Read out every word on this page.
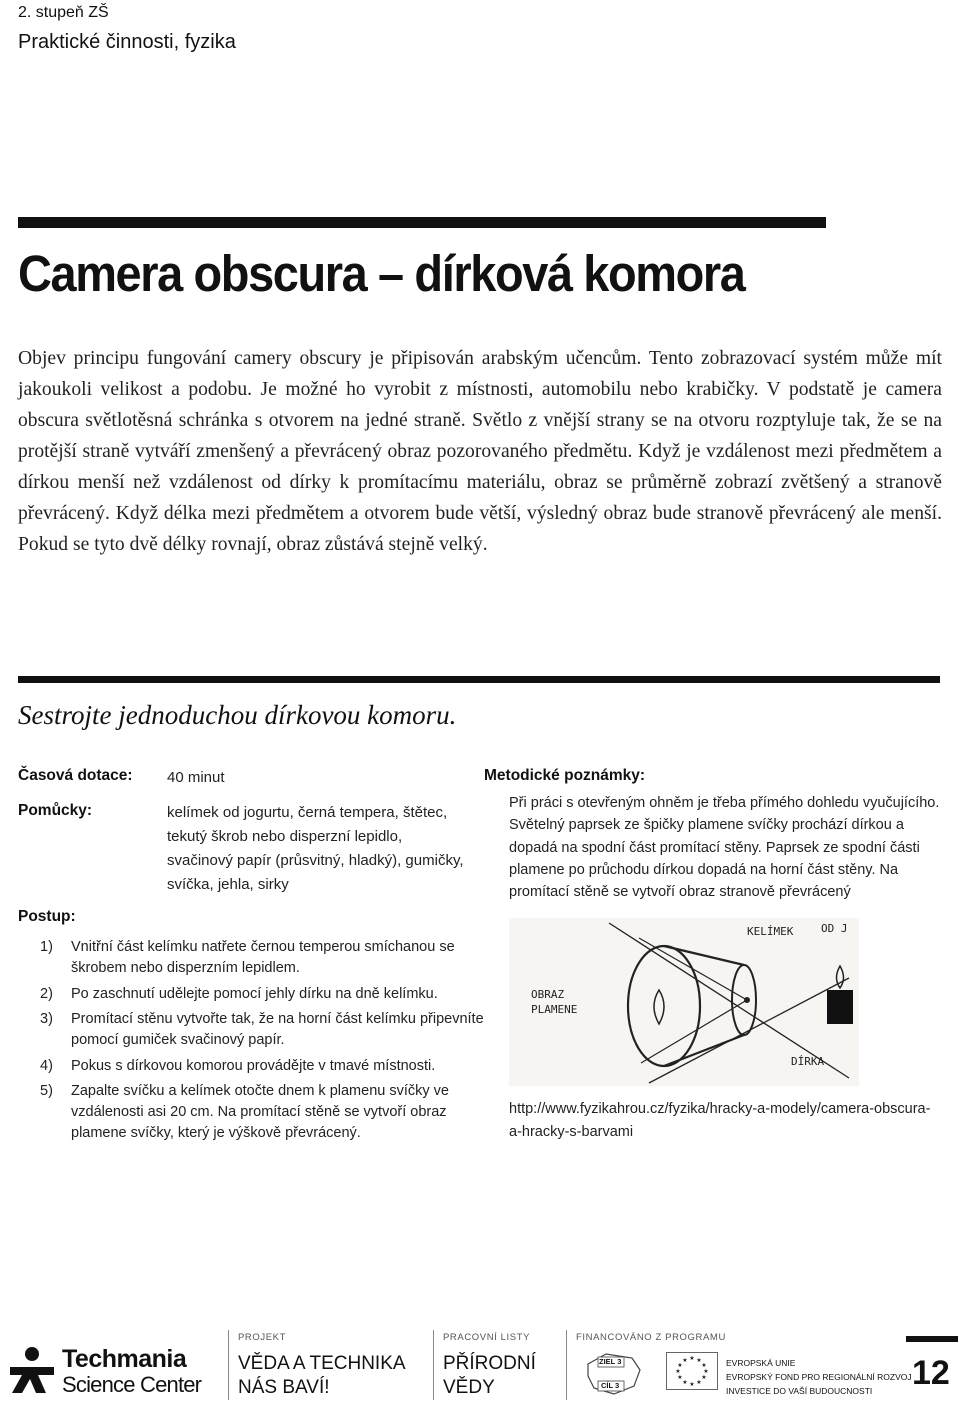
2. stupeň ZŠ
Praktické činnosti, fyzika
Camera obscura – dírková komora
Objev principu fungování camery obscury je připisován arabským učencům. Tento zobrazovací systém může mít jakoukoli velikost a podobu. Je možné ho vyrobit z místnosti, automobilu nebo krabičky. V podstatě je camera obscura světlotěsná schránka s otvorem na jedné straně. Světlo z vnější strany se na otvoru rozptyluje tak, že se na protější straně vytváří zmenšený a převrácený obraz pozorovaného předmětu. Když je vzdálenost mezi předmětem a dírkou menší než vzdálenost od dírky k promítacímu materiálu, obraz se průměrně zobrazí zvětšený a stranově převrácený. Když délka mezi předmětem a otvorem bude větší, výsledný obraz bude stranově převrácený ale menší. Pokud se tyto dvě délky rovnají, obraz zůstává stejně velký.
Sestrojte jednoduchou dírkovou komoru.
Časová dotace: 40 minut
Pomůcky:	kelímek od jogurtu, černá tempera, štětec, tekutý škrob nebo disperzní lepidlo, svačinový papír (průsvitný, hladký), gumičky, svíčka, jehla, sirky
Postup:
1) Vnitřní část kelímku natřete černou temperou smíchanou se škrobem nebo disperzním lepidlem.
2) Po zaschnutí udělejte pomocí jehly dírku na dně kelímku.
3) Promítací stěnu vytvořte tak, že na horní část kelímku připevníte pomocí gumiček svačinový papír.
4) Pokus s dírkovou komorou provádějte v tmavé místnosti.
5) Zapalte svíčku a kelímek otočte dnem k plamenu svíčky ve vzdálenosti asi 20 cm. Na promítací stěně se vytvoří obraz plamene svíčky, který je výškově převrácený.
Metodické poznámky:
Při práci s otevřeným ohněm je třeba přímého dohledu vyučujícího. Světelný paprsek ze špičky plamene svíčky prochází dírkou a dopadá na spodní část promítací stěny. Paprsek ze spodní části plamene po průchodu dírkou dopadá na horní část stěny. Na promítací stěně se vytvoří obraz stranově převrácený
KELÍMEK	OD J
OBRAZ
PLAMENE
DÍRKA
http://www.fyzikahrou.cz/fyzika/hracky-a-modely/camera-obscura-a-hracky-s-barvami
Techmania
Science Center
PROJEKT
VĚDA A TECHNIKA
NÁS BAVÍ!
PRACOVNÍ LISTY
PŘÍRODNÍ
VĚDY
FINANCOVÁNO Z PROGRAMU
ZIEL 3
CÍL 3
★ ★
★
★
★
★
★
★
★
★
★
★	EVROPSKÁ UNIE
EVROPSKÝ FOND PRO REGIONÁLNÍ ROZVOJ
INVESTICE DO VAŠÍ BUDOUCNOSTI 12
